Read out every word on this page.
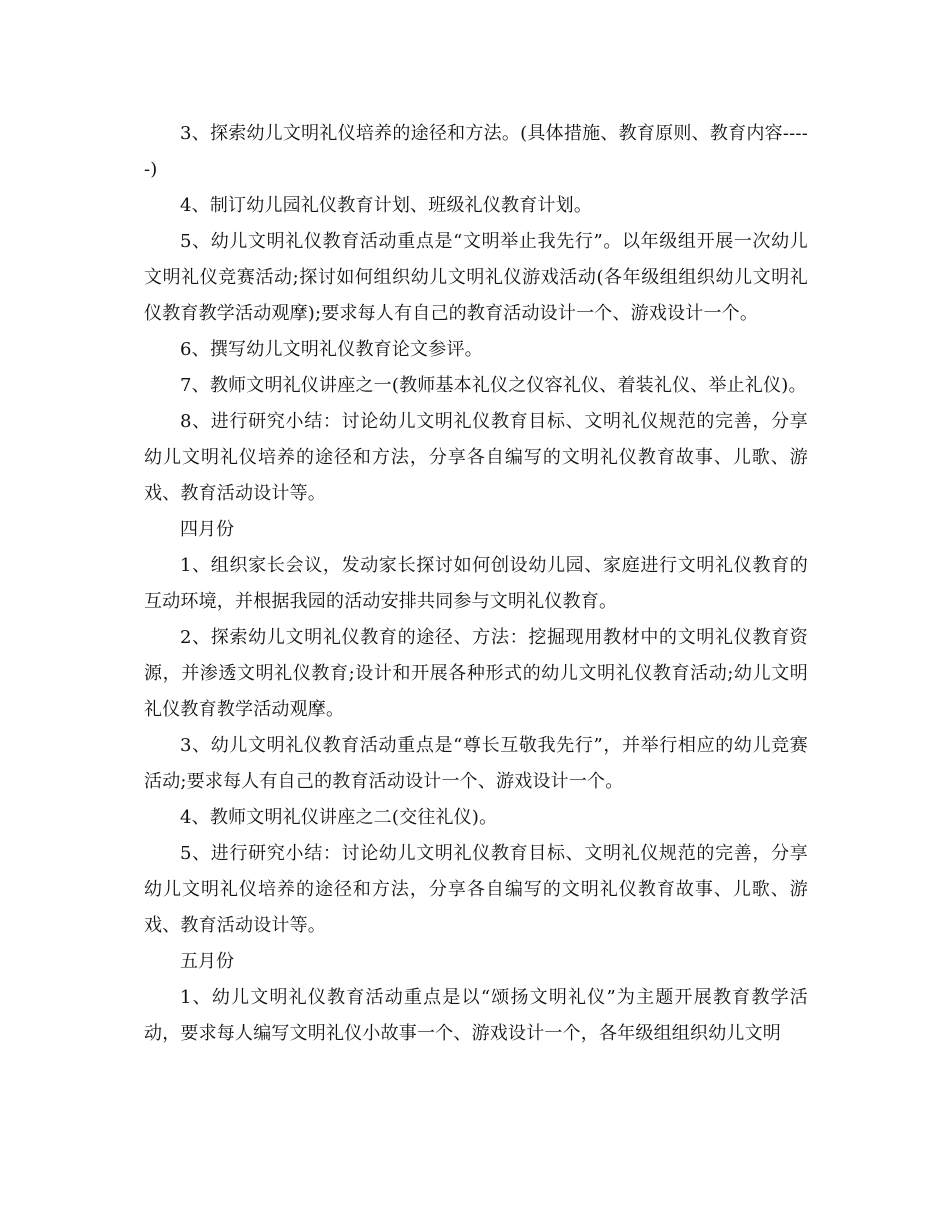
3、探索幼儿文明礼仪培养的途径和方法。(具体措施、教育原则、教育内容-----)

4、制订幼儿园礼仪教育计划、班级礼仪教育计划。

5、幼儿文明礼仪教育活动重点是“文明举止我先行”。以年级组开展一次幼儿文明礼仪竞赛活动;探讨如何组织幼儿文明礼仪游戏活动(各年级组组织幼儿文明礼仪教育教学活动观摩);要求每人有自己的教育活动设计一个、游戏设计一个。

6、撰写幼儿文明礼仪教育论文参评。

7、教师文明礼仪讲座之一(教师基本礼仪之仪容礼仪、着装礼仪、举止礼仪)。

8、进行研究小结：讨论幼儿文明礼仪教育目标、文明礼仪规范的完善，分享幼儿文明礼仪培养的途径和方法，分享各自编写的文明礼仪教育故事、儿歌、游戏、教育活动设计等。

四月份

1、组织家长会议，发动家长探讨如何创设幼儿园、家庭进行文明礼仪教育的互动环境，并根据我园的活动安排共同参与文明礼仪教育。

2、探索幼儿文明礼仪教育的途径、方法：挖掘现用教材中的文明礼仪教育资源，并渗透文明礼仪教育;设计和开展各种形式的幼儿文明礼仪教育活动;幼儿文明礼仪教育教学活动观摩。

3、幼儿文明礼仪教育活动重点是“尊长互敬我先行”，并举行相应的幼儿竞赛活动;要求每人有自己的教育活动设计一个、游戏设计一个。

4、教师文明礼仪讲座之二(交往礼仪)。

5、进行研究小结：讨论幼儿文明礼仪教育目标、文明礼仪规范的完善，分享幼儿文明礼仪培养的途径和方法，分享各自编写的文明礼仪教育故事、儿歌、游戏、教育活动设计等。

五月份

1、幼儿文明礼仪教育活动重点是以“颂扬文明礼仪”为主题开展教育教学活动，要求每人编写文明礼仪小故事一个、游戏设计一个，各年级组组织幼儿文明
